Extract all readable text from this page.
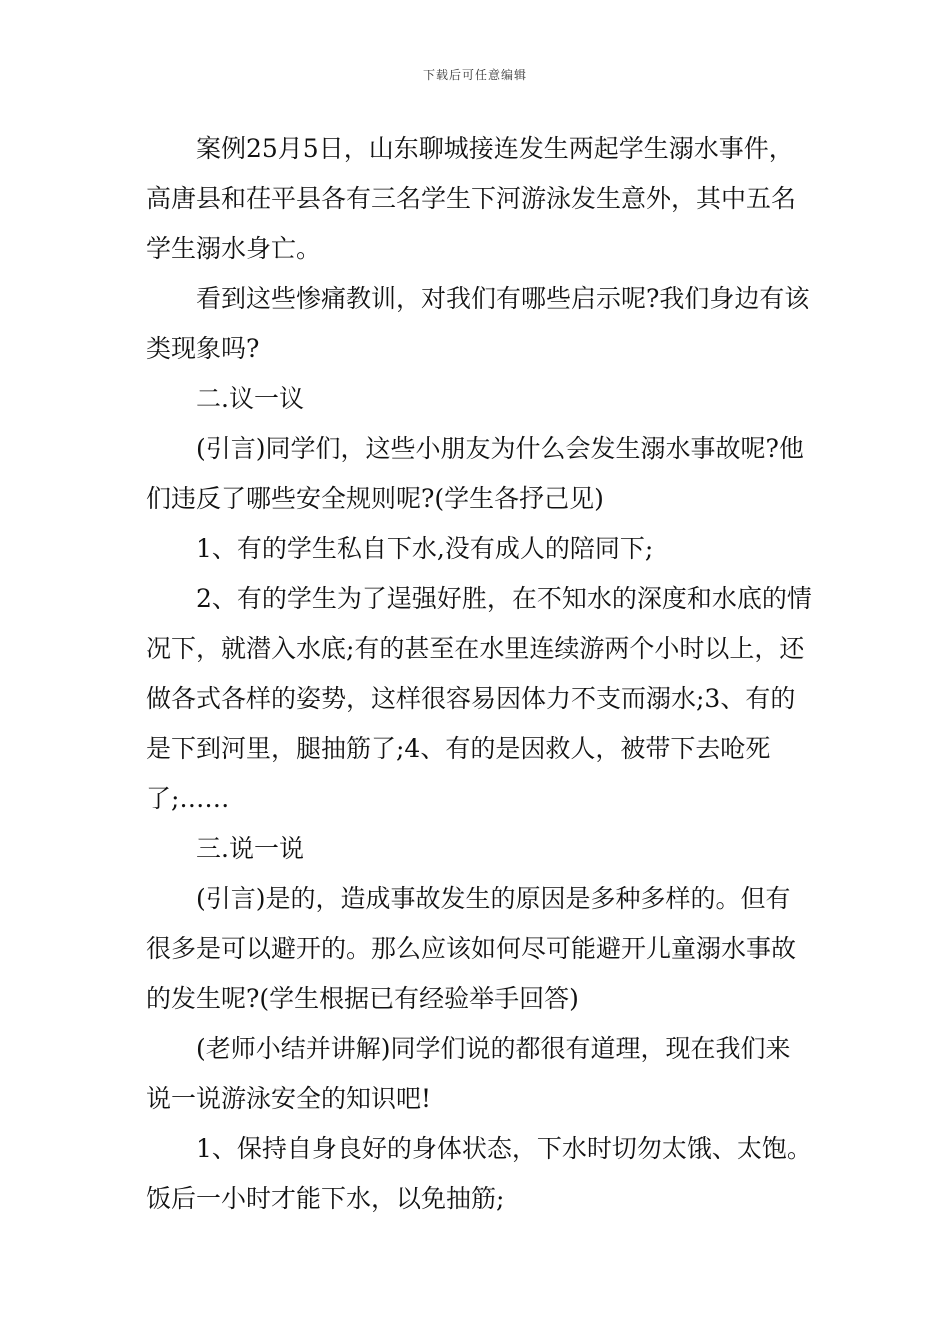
下载后可任意编辑

案例25月5日，山东聊城接连发生两起学生溺水事件，高唐县和茌平县各有三名学生下河游泳发生意外，其中五名学生溺水身亡。

看到这些惨痛教训，对我们有哪些启示呢?我们身边有该类现象吗?

二.议一议

(引言)同学们，这些小朋友为什么会发生溺水事故呢?他们违反了哪些安全规则呢?(学生各抒己见)

1、有的学生私自下水,没有成人的陪同下;

2、有的学生为了逞强好胜，在不知水的深度和水底的情况下，就潜入水底;有的甚至在水里连续游两个小时以上，还做各式各样的姿势，这样很容易因体力不支而溺水;3、有的是下到河里，腿抽筋了;4、有的是因救人，被带下去呛死了;……

三.说一说

(引言)是的，造成事故发生的原因是多种多样的。但有很多是可以避开的。那么应该如何尽可能避开儿童溺水事故的发生呢?(学生根据已有经验举手回答)

(老师小结并讲解)同学们说的都很有道理，现在我们来说一说游泳安全的知识吧!

1、保持自身良好的身体状态，下水时切勿太饿、太饱。饭后一小时才能下水，以免抽筋;
